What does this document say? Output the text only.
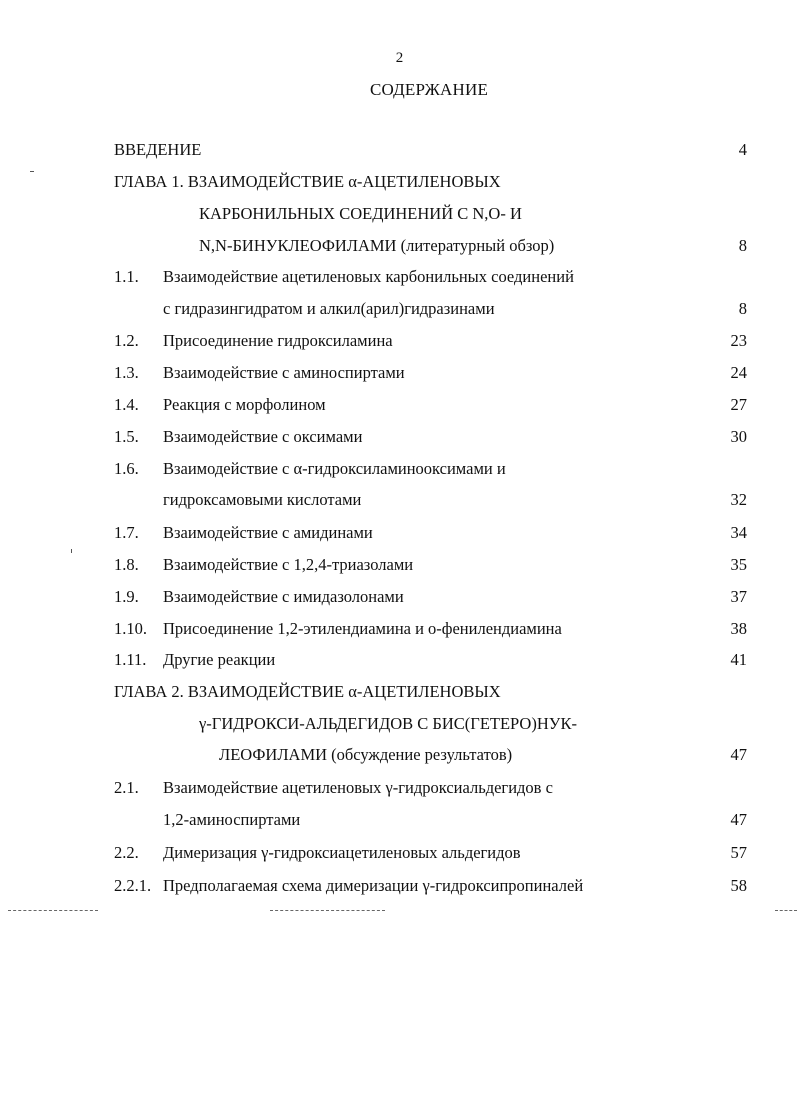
2
СОДЕРЖАНИЕ
ВВЕДЕНИЕ	4
ГЛАВА 1. ВЗАИМОДЕЙСТВИЕ α-АЦЕТИЛЕНОВЫХ
КАРБОНИЛЬНЫХ СОЕДИНЕНИЙ С N,O- И
N,N-БИНУКЛЕОФИЛАМИ (литературный обзор)	8
1.1. Взаимодействие ацетиленовых карбонильных соединений
с гидразингидратом и алкил(арил)гидразинами	8
1.2. Присоединение гидроксиламина	23
1.3. Взаимодействие с аминоспиртами	24
1.4. Реакция с морфолином	27
1.5. Взаимодействие с оксимами	30
1.6. Взаимодействие с α-гидроксиламинооксимами и
гидроксамовыми кислотами	32
1.7. Взаимодействие с амидинами	34
1.8. Взаимодействие с 1,2,4-триазолами	35
1.9. Взаимодействие с имидазолонами	37
1.10. Присоединение 1,2-этилендиамина и о-фенилендиамина	38
1.11. Другие реакции	41
ГЛАВА 2. ВЗАИМОДЕЙСТВИЕ α-АЦЕТИЛЕНОВЫХ
γ-ГИДРОКСИ-АЛЬДЕГИДОВ С БИС(ГЕТЕРО)НУК-
ЛЕОФИЛАМИ (обсуждение результатов)	47
2.1. Взаимодействие ацетиленовых γ-гидроксиальдегидов с
1,2-аминоспиртами	47
2.2. Димеризация γ-гидроксиацетиленовых альдегидов	57
2.2.1. Предполагаемая схема димеризации γ-гидроксипропиналей	58
